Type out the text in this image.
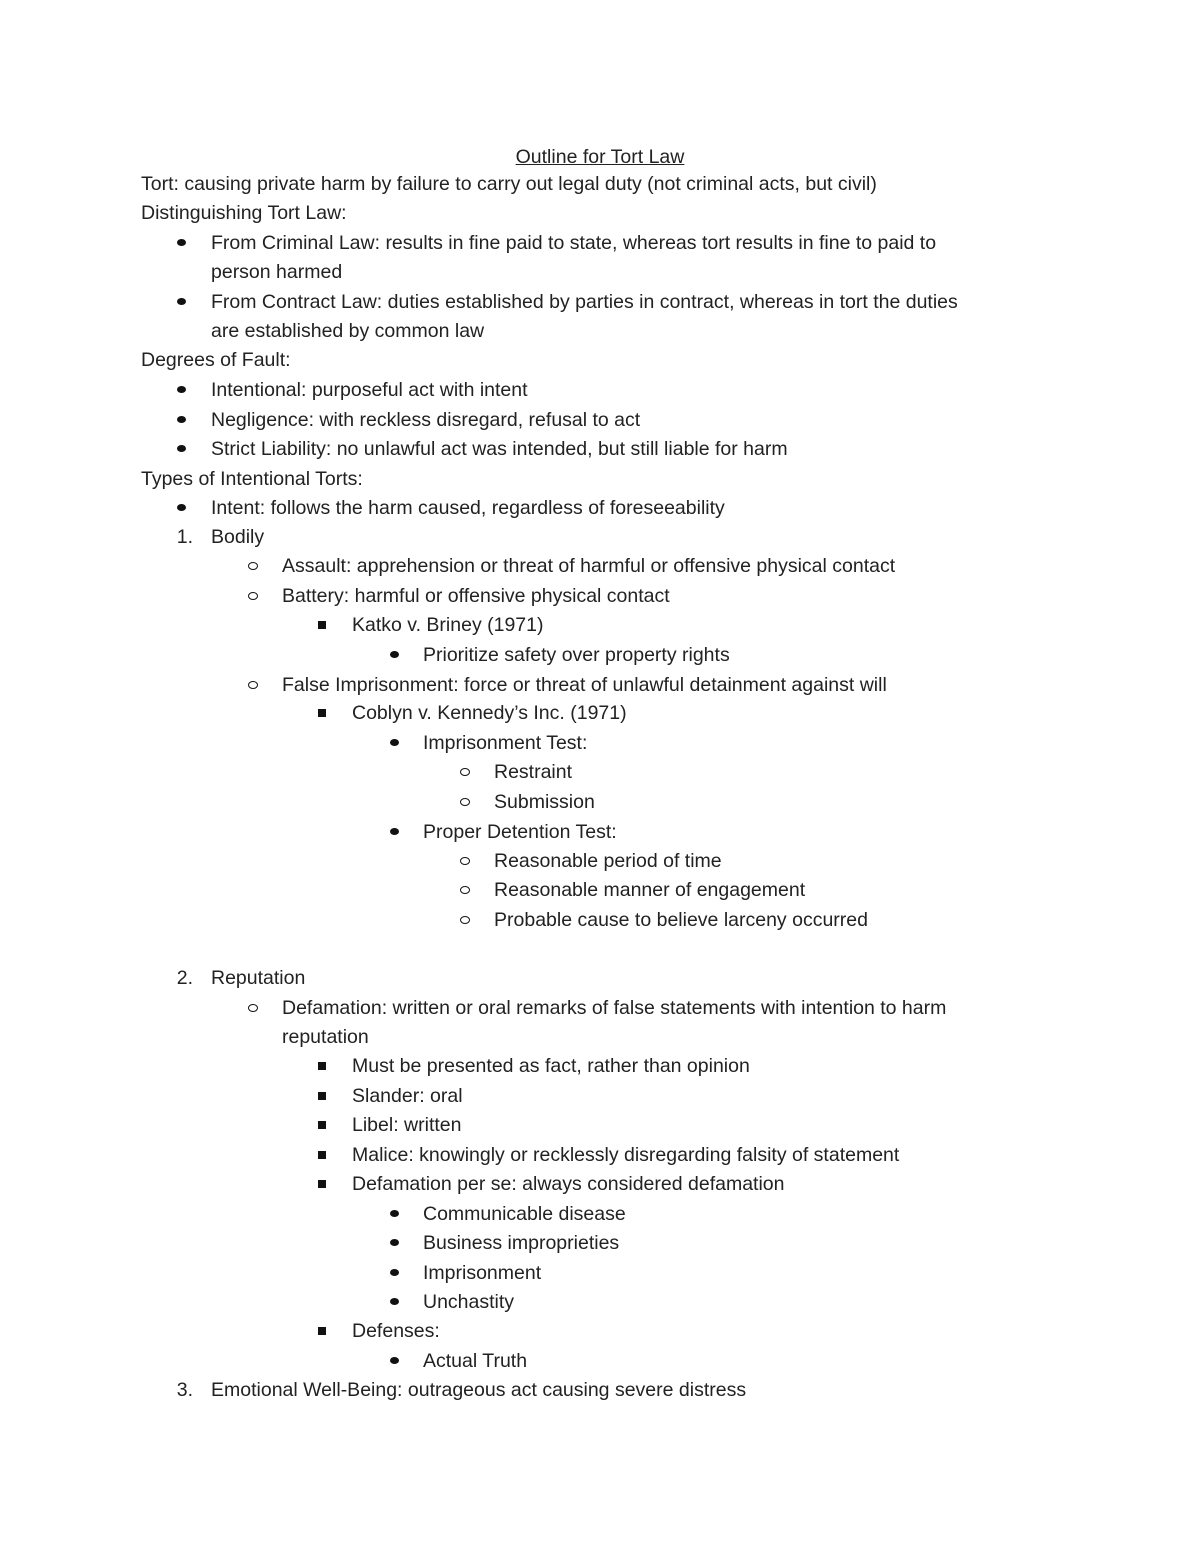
Outline for Tort Law
Tort: causing private harm by failure to carry out legal duty (not criminal acts, but civil)
Distinguishing Tort Law:
From Criminal Law: results in fine paid to state, whereas tort results in fine to paid to
person harmed
From Contract Law: duties established by parties in contract, whereas in tort the duties
are established by common law
Degrees of Fault:
Intentional: purposeful act with intent
Negligence: with reckless disregard, refusal to act
Strict Liability: no unlawful act was intended, but still liable for harm
Types of Intentional Torts:
Intent: follows the harm caused, regardless of foreseeability
1. Bodily
Assault: apprehension or threat of harmful or offensive physical contact
Battery: harmful or offensive physical contact
Katko v. Briney (1971)
Prioritize safety over property rights
False Imprisonment: force or threat of unlawful detainment against will
Coblyn v. Kennedy’s Inc. (1971)
Imprisonment Test:
Restraint
Submission
Proper Detention Test:
Reasonable period of time
Reasonable manner of engagement
Probable cause to believe larceny occurred
2. Reputation
Defamation: written or oral remarks of false statements with intention to harm
reputation
Must be presented as fact, rather than opinion
Slander: oral
Libel: written
Malice: knowingly or recklessly disregarding falsity of statement
Defamation per se: always considered defamation
Communicable disease
Business improprieties
Imprisonment
Unchastity
Defenses:
Actual Truth
3. Emotional Well-Being: outrageous act causing severe distress
